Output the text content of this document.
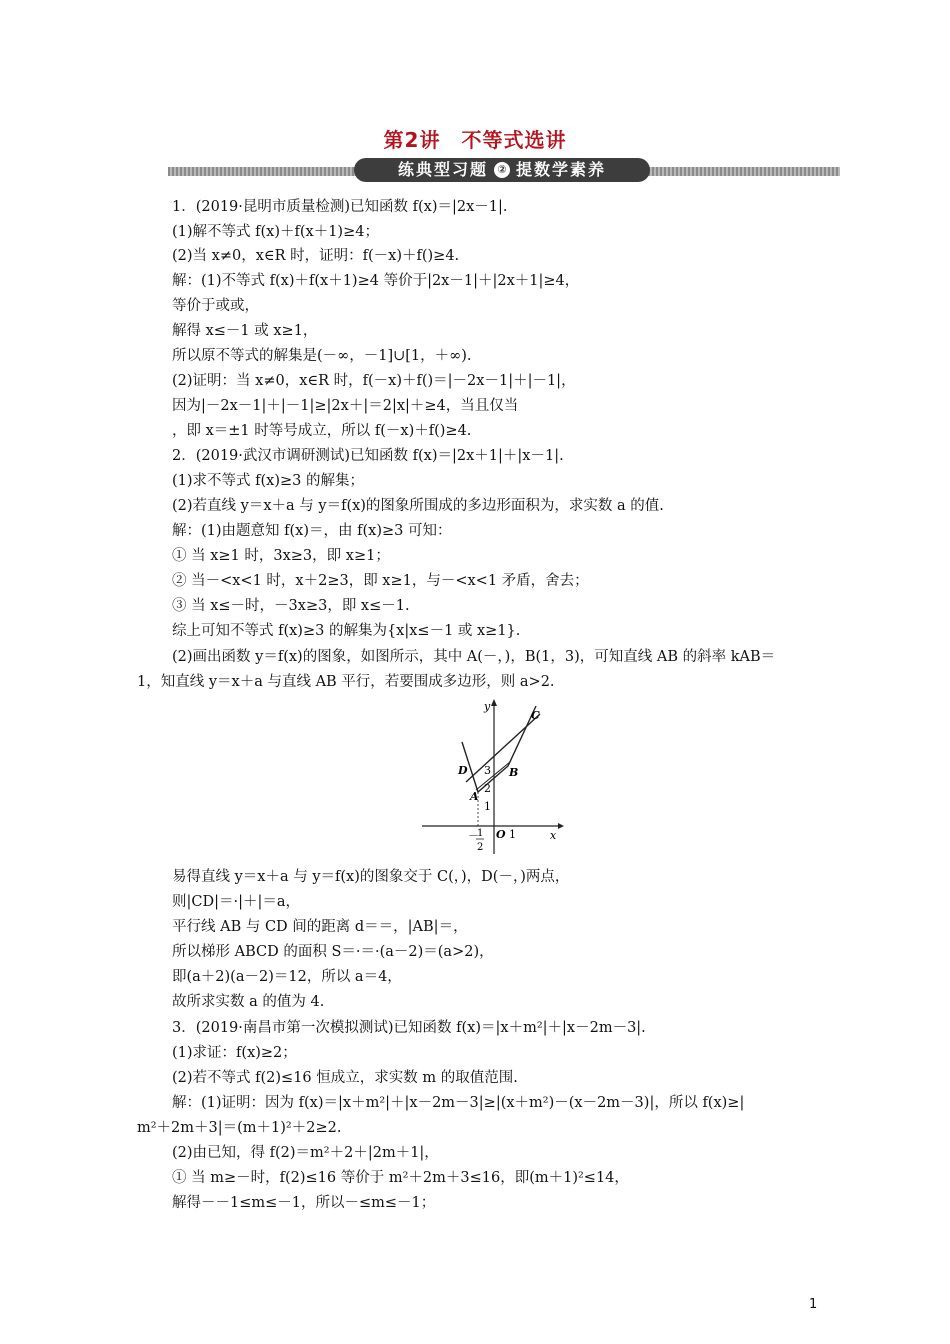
第2讲　不等式选讲
练典型习题 ② 提数学素养
1．(2019·昆明市质量检测)已知函数 f(x)＝|2x－1|.
(1)解不等式 f(x)＋f(x＋1)≥4；
(2)当 x≠0，x∈R 时，证明：f(－x)＋f()≥4.
解：(1)不等式 f(x)＋f(x＋1)≥4 等价于|2x－1|＋|2x＋1|≥4，
等价于或或，
解得 x≤－1 或 x≥1，
所以原不等式的解集是(－∞，－1]∪[1，＋∞).
(2)证明：当 x≠0，x∈R 时，f(－x)＋f()＝|－2x－1|＋|－1|，
因为|－2x－1|＋|－1|≥|2x＋|＝2|x|＋≥4，当且仅当
，即 x＝±1 时等号成立，所以 f(－x)＋f()≥4.
2．(2019·武汉市调研测试)已知函数 f(x)＝|2x＋1|＋|x－1|.
(1)求不等式 f(x)≥3 的解集；
(2)若直线 y＝x＋a 与 y＝f(x)的图象所围成的多边形面积为，求实数 a 的值.
解：(1)由题意知 f(x)＝，由 f(x)≥3 可知：
① 当 x≥1 时，3x≥3，即 x≥1；
② 当－<x<1 时，x＋2≥3，即 x≥1，与－<x<1 矛盾，舍去；
③ 当 x≤－时，－3x≥3，即 x≤－1.
综上可知不等式 f(x)≥3 的解集为{x|x≤－1 或 x≥1}.
(2)画出函数 y＝f(x)的图象，如图所示，其中 A(－，)，B(1，3)，可知直线 AB 的斜率 kAB＝
1，知直线 y＝x＋a 与直线 AB 平行，若要围成多边形，则 a>2.
y
x
O 1
1
2
3
－
1
2
A
B
C
D
易得直线 y＝x＋a 与 y＝f(x)的图象交于 C(，)，D(－，)两点，
则|CD|＝·|＋|＝a，
平行线 AB 与 CD 间的距离 d＝＝，|AB|＝，
所以梯形 ABCD 的面积 S＝·＝·(a－2)＝(a>2)，
即(a＋2)(a－2)＝12，所以 a＝4，
故所求实数 a 的值为 4.
3．(2019·南昌市第一次模拟测试)已知函数 f(x)＝|x＋m²|＋|x－2m－3|.
(1)求证：f(x)≥2；
(2)若不等式 f(2)≤16 恒成立，求实数 m 的取值范围.
解：(1)证明：因为 f(x)＝|x＋m²|＋|x－2m－3|≥|(x＋m²)－(x－2m－3)|，所以 f(x)≥|
m²＋2m＋3|＝(m＋1)²＋2≥2.
(2)由已知，得 f(2)＝m²＋2＋|2m＋1|，
① 当 m≥－时，f(2)≤16 等价于 m²＋2m＋3≤16，即(m＋1)²≤14，
解得－－1≤m≤－1，所以－≤m≤－1；
1
